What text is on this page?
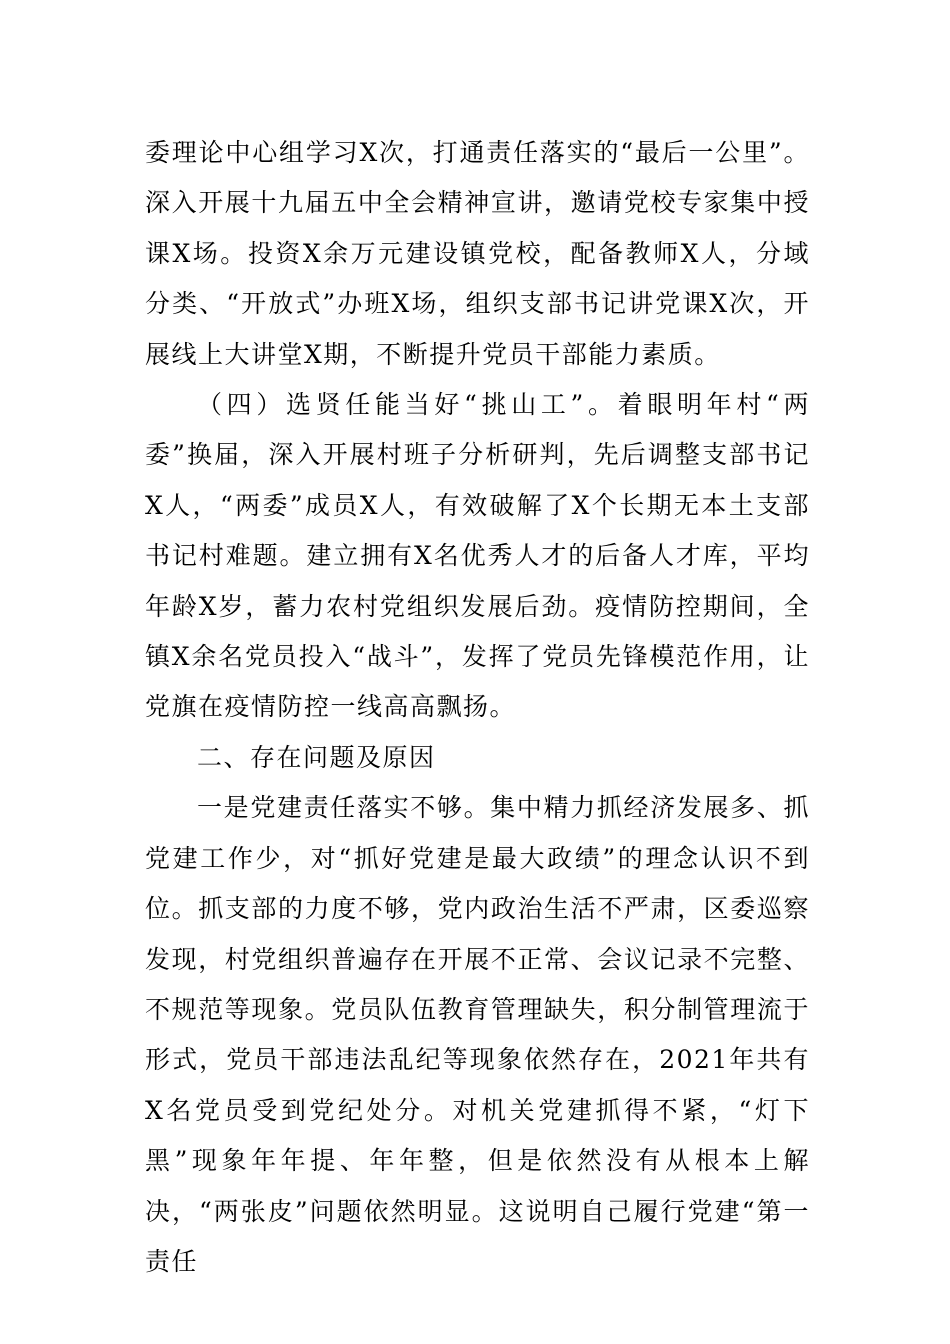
委理论中心组学习X次，打通责任落实的“最后一公里”。深入开展十九届五中全会精神宣讲，邀请党校专家集中授课X场。投资X余万元建设镇党校，配备教师X人，分域分类、“开放式”办班X场，组织支部书记讲党课X次，开展线上大讲堂X期，不断提升党员干部能力素质。

（四）选贤任能当好“挑山工”。着眼明年村“两委”换届，深入开展村班子分析研判，先后调整支部书记X人，“两委”成员X人，有效破解了X个长期无本土支部书记村难题。建立拥有X名优秀人才的后备人才库，平均年龄X岁，蓄力农村党组织发展后劲。疫情防控期间，全镇X余名党员投入“战斗”，发挥了党员先锋模范作用，让党旗在疫情防控一线高高飘扬。

二、存在问题及原因

一是党建责任落实不够。集中精力抓经济发展多、抓党建工作少，对“抓好党建是最大政绩”的理念认识不到位。抓支部的力度不够，党内政治生活不严肃，区委巡察发现，村党组织普遍存在开展不正常、会议记录不完整、不规范等现象。党员队伍教育管理缺失，积分制管理流于形式，党员干部违法乱纪等现象依然存在，2021年共有X名党员受到党纪处分。对机关党建抓得不紧，“灯下黑”现象年年提、年年整，但是依然没有从根本上解决，“两张皮”问题依然明显。这说明自己履行党建“第一责任
